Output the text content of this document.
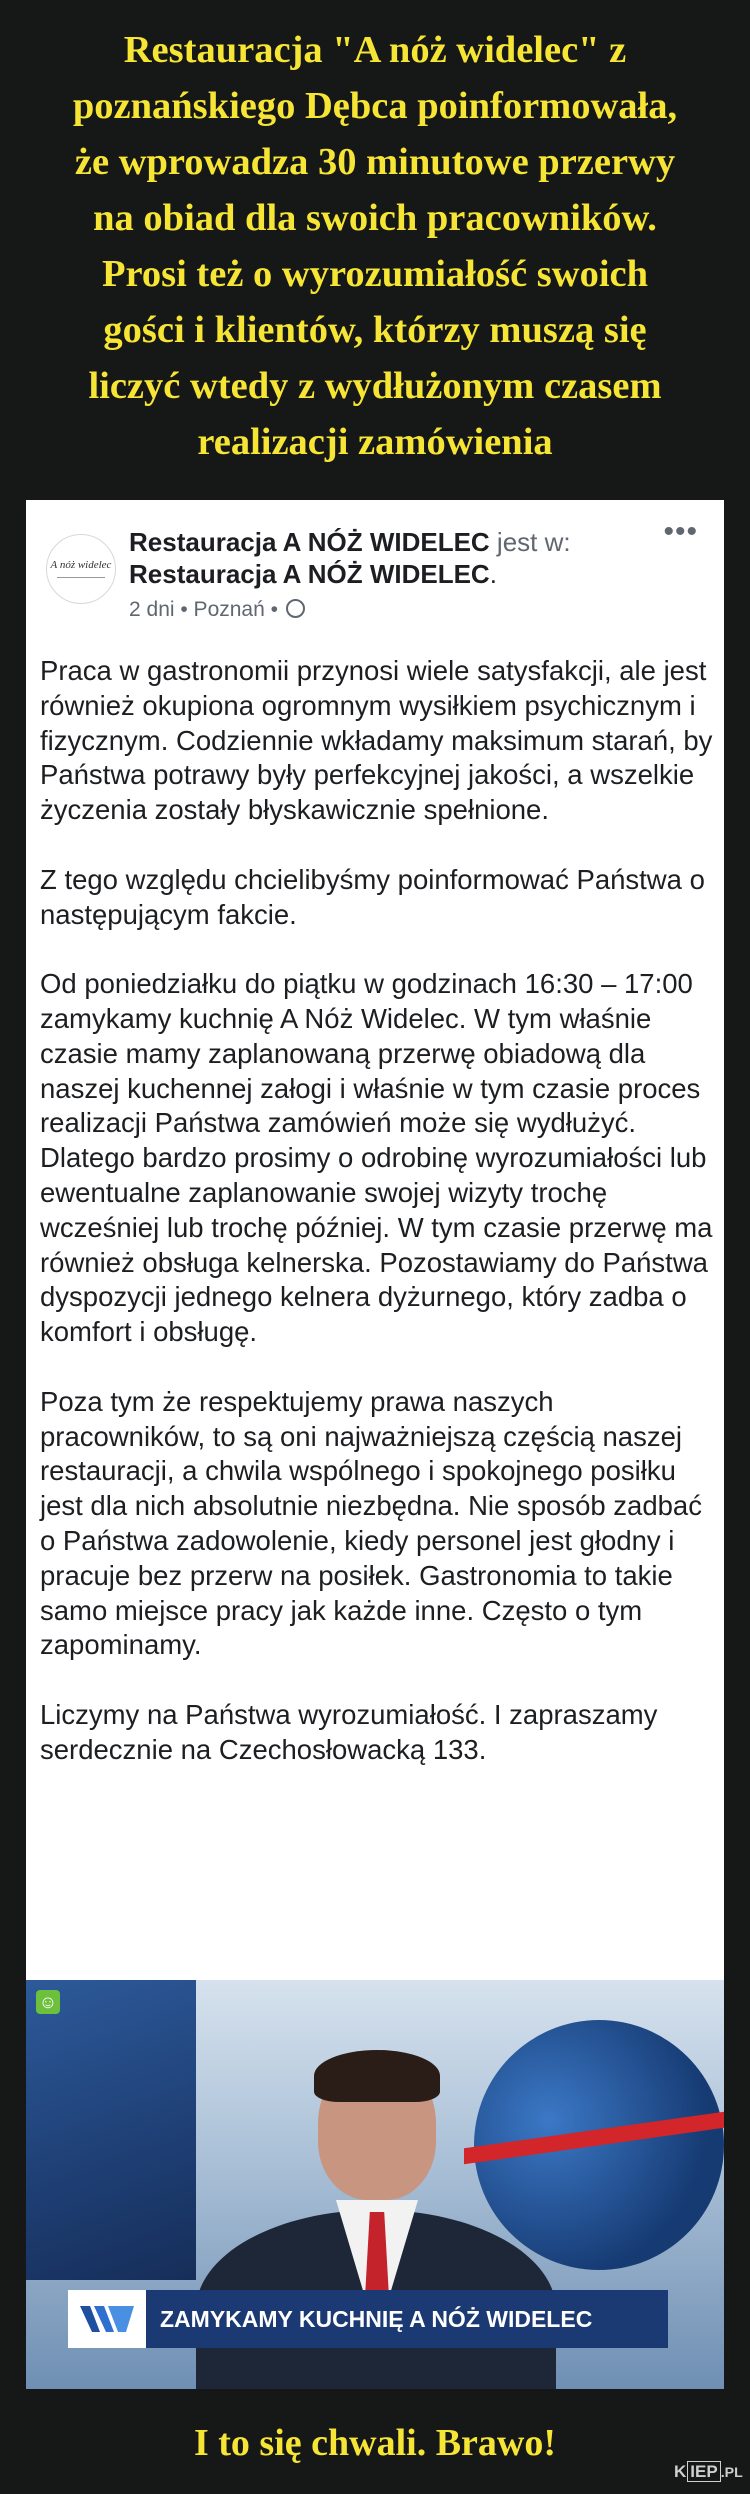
Restauracja "A nóż widelec" z
poznańskiego Dębca poinformowała,
że wprowadza 30 minutowe przerwy
na obiad dla swoich pracowników.
Prosi też o wyrozumiałość swoich
gości i klientów, którzy muszą się
liczyć wtedy z wydłużonym czasem
realizacji zamówienia
A nóż widelec
Restauracja A NÓŻ WIDELEC jest w:
Restauracja A NÓŻ WIDELEC.
2 dni • Poznań •
•••

Praca w gastronomii przynosi wiele satysfakcji, ale jest również okupiona ogromnym wysiłkiem psychicznym i fizycznym. Codziennie wkładamy maksimum starań, by Państwa potrawy były perfekcyjnej jakości, a wszelkie życzenia zostały błyskawicznie spełnione.

Z tego względu chcielibyśmy poinformować Państwa o następującym fakcie.

Od poniedziałku do piątku w godzinach 16:30 – 17:00 zamykamy kuchnię A Nóż Widelec. W tym właśnie czasie mamy zaplanowaną przerwę obiadową dla naszej kuchennej załogi i właśnie w tym czasie proces realizacji Państwa zamówień może się wydłużyć. Dlatego bardzo prosimy o odrobinę wyrozumiałości lub ewentualne zaplanowanie swojej wizyty trochę wcześniej lub trochę później. W tym czasie przerwę ma również obsługa kelnerska. Pozostawiamy do Państwa dyspozycji jednego kelnera dyżurnego, który zadba o komfort i obsługę.

Poza tym że respektujemy prawa naszych pracowników, to są oni najważniejszą częścią naszej restauracji, a chwila wspólnego i spokojnego posiłku jest dla nich absolutnie niezbędna. Nie sposób zadbać o Państwa zadowolenie, kiedy personel jest głodny i pracuje bez przerw na posiłek. Gastronomia to takie samo miejsce pracy jak każde inne. Często o tym zapominamy.

Liczymy na Państwa wyrozumiałość. I zapraszamy serdecznie na Czechosłowacką 133.

☺
ZAMYKAMY KUCHNIĘ A NÓŻ WIDELEC
I to się chwali. Brawo!
K IEP .PL
